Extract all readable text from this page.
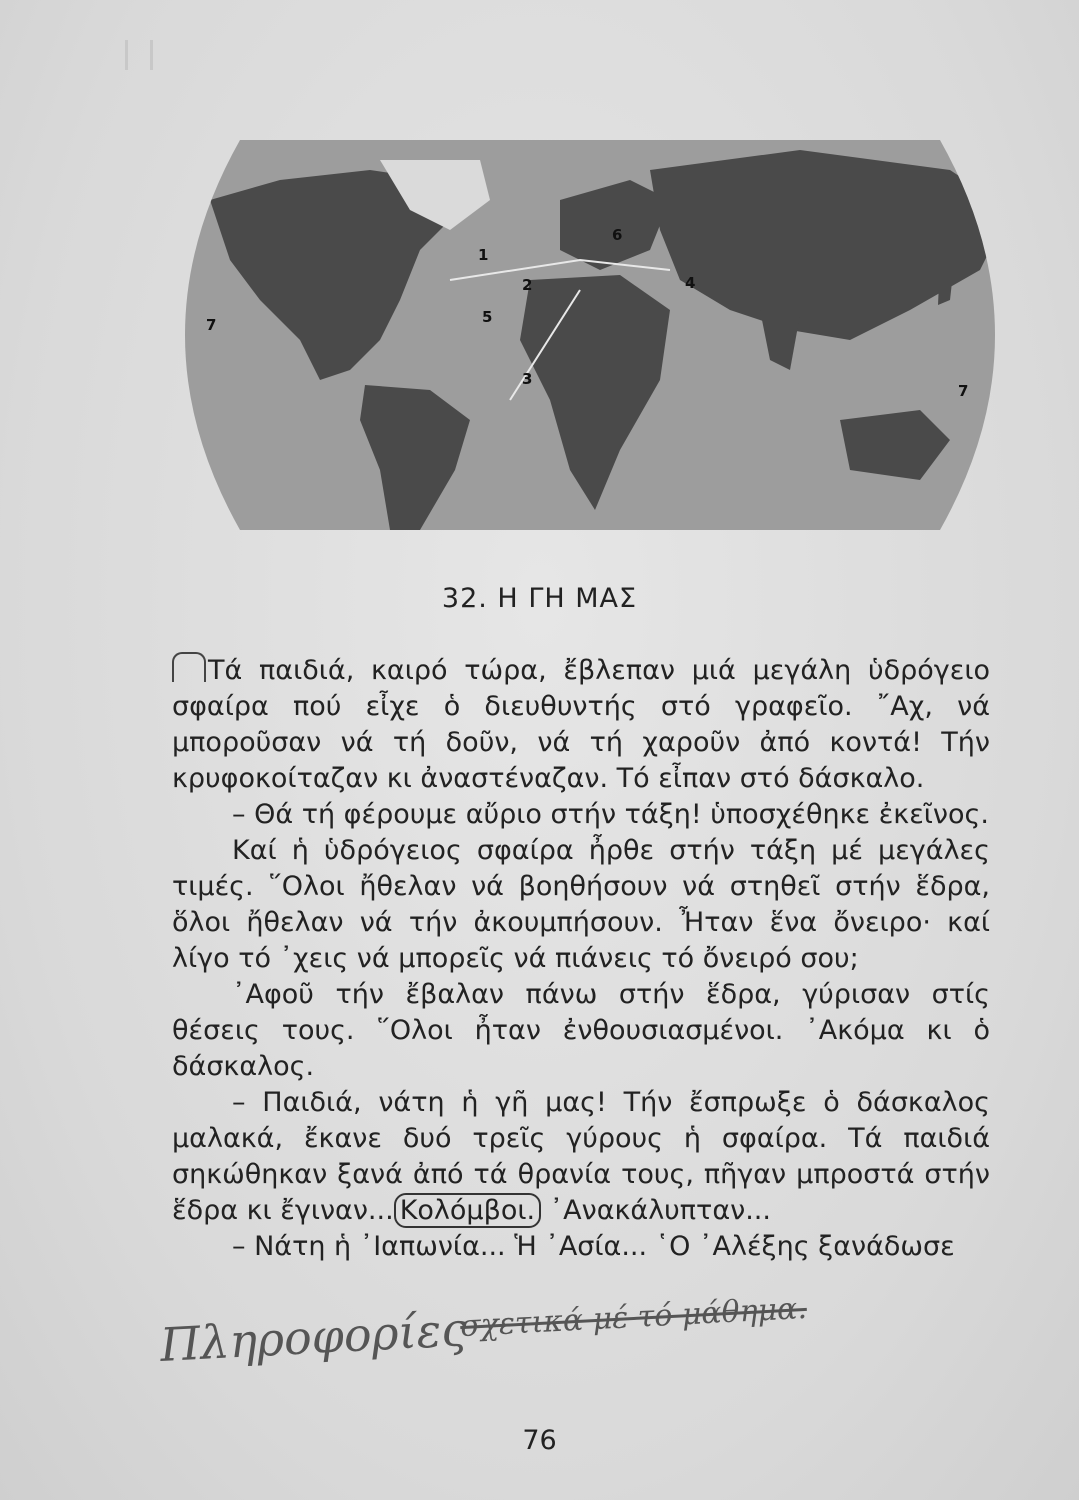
1
2
3
4
5
6
7
7
32. Η ΓΗ ΜΑΣ

Τά παιδιά, καιρό τώρα, ἔβλεπαν μιά μεγάλη ὑδρόγειο σφαίρα πού εἶχε ὁ διευθυντής στό γραφεῖο. ῎Αχ, νά μποροῦσαν νά τή δοῦν, νά τή χαροῦν ἀπό κοντά! Τήν κρυφοκοίταζαν κι ἀναστέναζαν. Τό εἶπαν στό δάσκαλο.

– Θά τή φέρουμε αὔριο στήν τάξη! ὑποσχέθηκε ἐκεῖνος.

Καί ἡ ὑδρόγειος σφαίρα ἦρθε στήν τάξη μέ μεγάλες τιμές. ῞Ολοι ἤθελαν νά βοηθήσουν νά στηθεῖ στήν ἕδρα, ὅλοι ἤθελαν νά τήν ἀκουμπήσουν. Ἦταν ἕνα ὄνειρο· καί λίγο τό ᾽χεις νά μπορεῖς νά πιάνεις τό ὄνειρό σου;

᾽Αφοῦ τήν ἔβαλαν πάνω στήν ἕδρα, γύρισαν στίς θέσεις τους. ῞Ολοι ἦταν ἐνθουσιασμένοι. ᾽Ακόμα κι ὁ δάσκαλος.

– Παιδιά, νάτη ἡ γῆ μας! Τήν ἔσπρωξε ὁ δάσκαλος μαλακά, ἔκανε δυό τρεῖς γύρους ἡ σφαίρα. Τά παιδιά σηκώθηκαν ξανά ἀπό τά θρανία τους, πῆγαν μπροστά στήν ἕδρα κι ἔγιναν... Κολόμβοι. ᾽Ανακάλυπταν...

– Νάτη ἡ ᾽Ιαπωνία... Ἡ ᾽Ασία... ῾Ο ᾽Αλέξης ξανάδωσε

Πληροφορίες
σχετικά μέ τό μάθημα.
76
